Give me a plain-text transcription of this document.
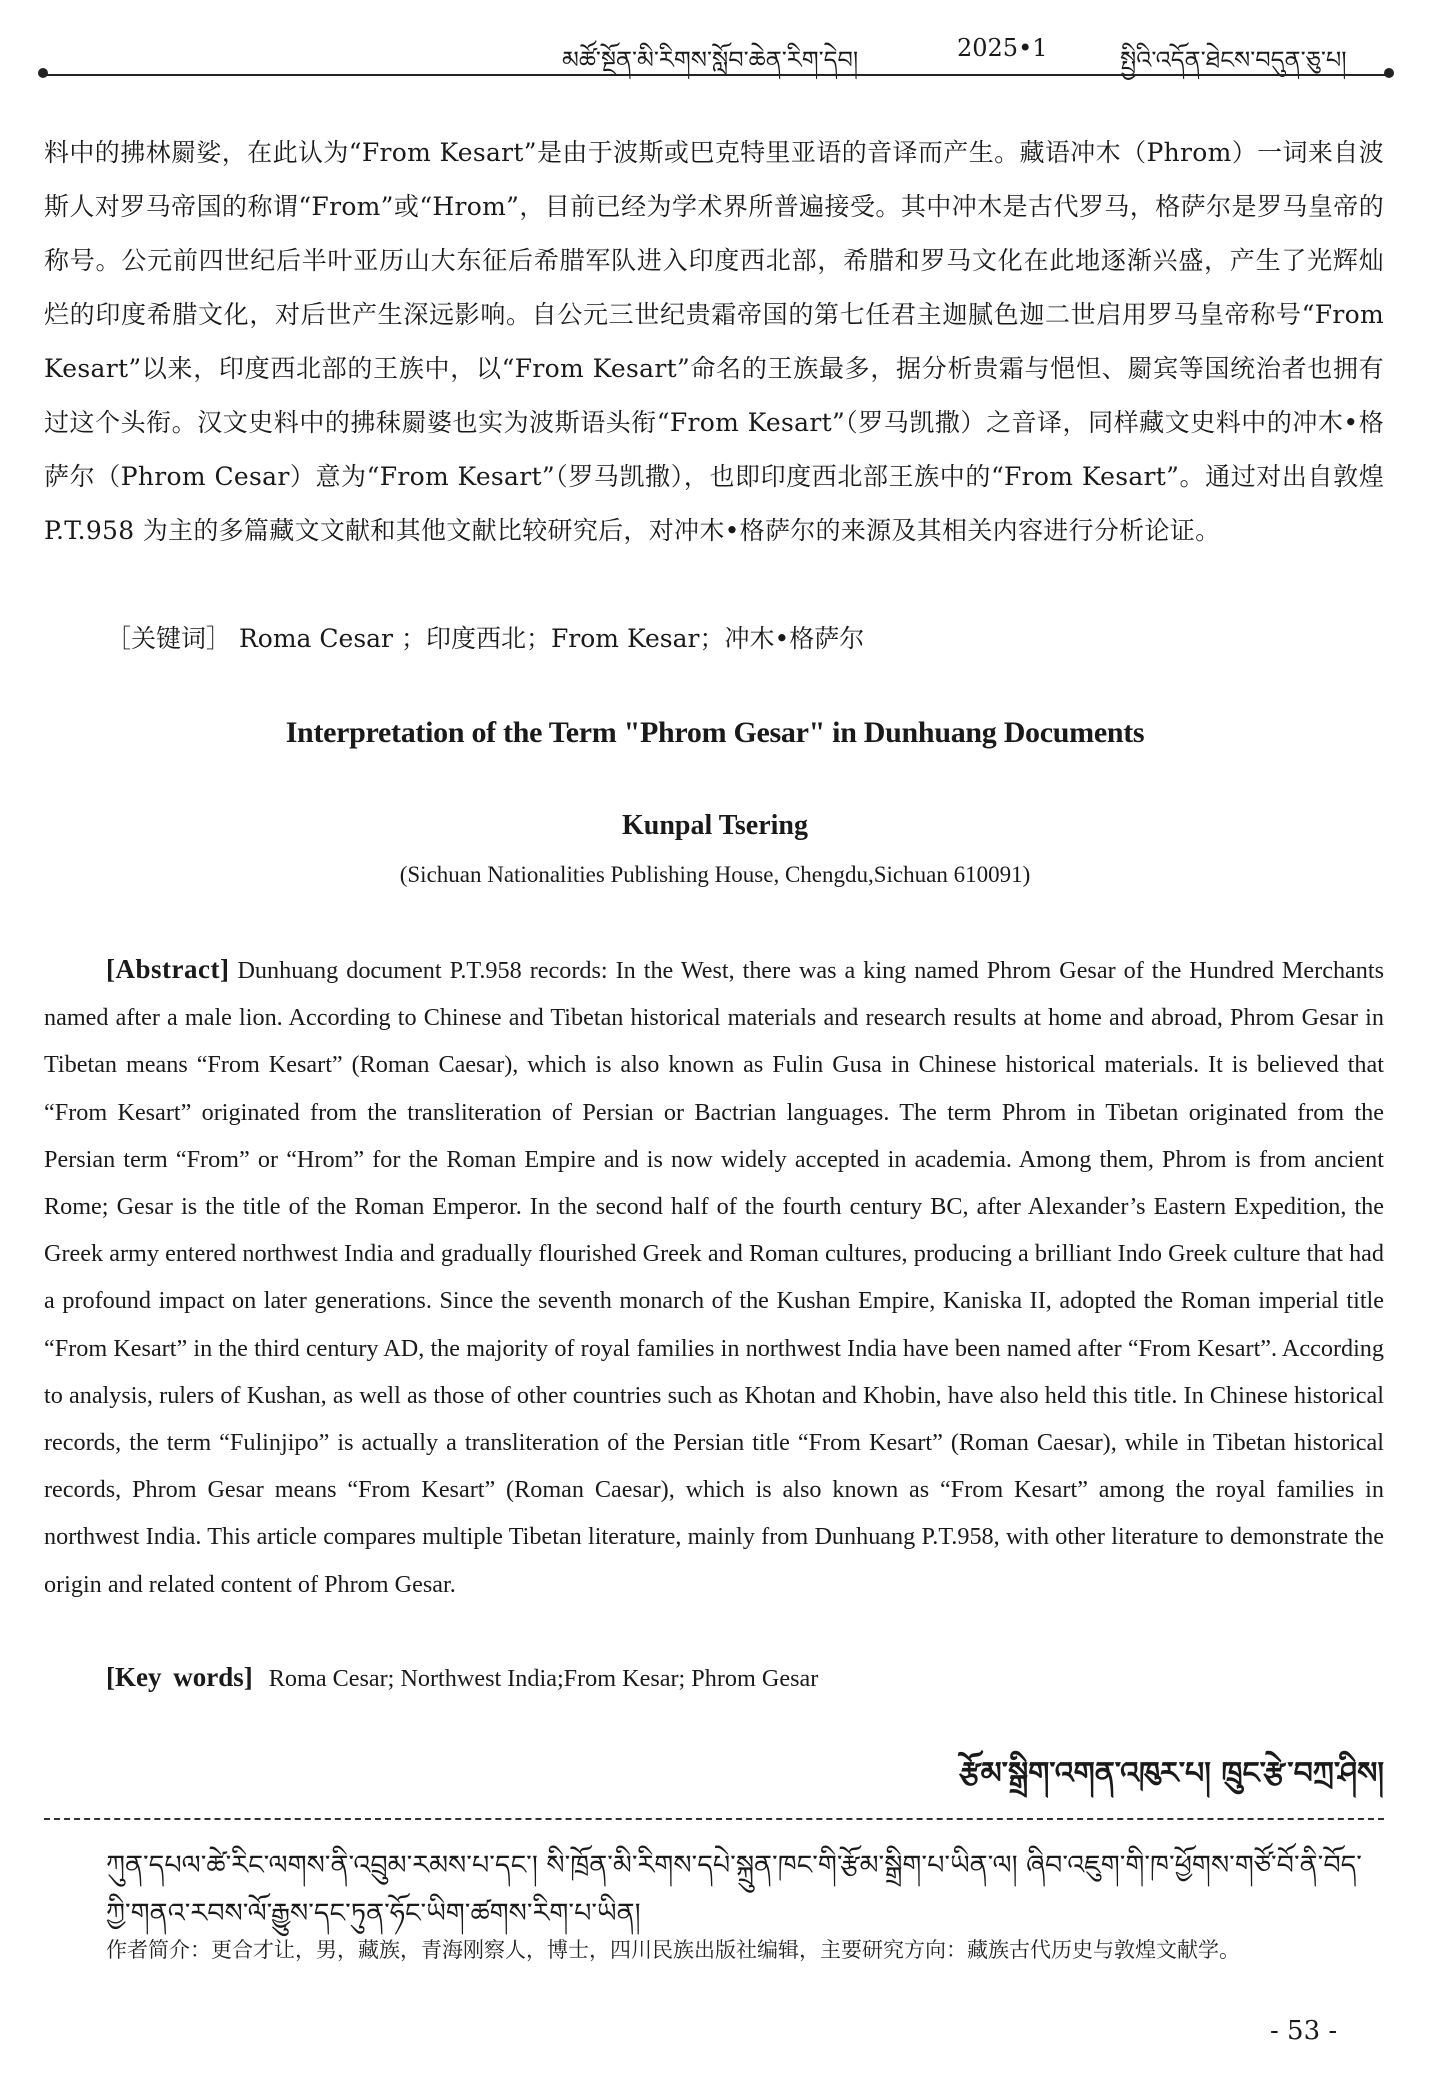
མཚོ་སྔོན་མི་རིགས་སློབ་ཆེན་རིག་དེབ།	2025•1	སྤྱིའི་འདོན་ཐེངས་བདུན་ཅུ་པ།
料中的拂林罽娑，在此认为“From Kesart”是由于波斯或巴克特里亚语的音译而产生。藏语冲木（Phrom）一词来自波斯人对罗马帝国的称谓“From”或“Hrom”，目前已经为学术界所普遍接受。其中冲木是古代罗马，格萨尔是罗马皇帝的称号。公元前四世纪后半叶亚历山大东征后希腊军队进入印度西北部，希腊和罗马文化在此地逐渐兴盛，产生了光辉灿烂的印度希腊文化，对后世产生深远影响。自公元三世纪贵霜帝国的第七任君主迦腻色迦二世启用罗马皇帝称号“From Kesart”以来，印度西北部的王族中，以“From Kesart”命名的王族最多，据分析贵霜与悒怛、罽宾等国统治者也拥有过这个头衔。汉文史料中的拂秣罽婆也实为波斯语头衔“From Kesart”（罗马凯撒）之音译，同样藏文史料中的冲木•格萨尔（Phrom Cesar）意为“From Kesart”（罗马凯撒），也即印度西北部王族中的“From Kesart”。通过对出自敦煌 P.T.958 为主的多篇藏文文献和其他文献比较研究后，对冲木•格萨尔的来源及其相关内容进行分析论证。
［关键词］ Roma Cesar ；印度西北；From Kesar；冲木•格萨尔
Interpretation of the Term "Phrom Gesar" in Dunhuang Documents
Kunpal Tsering
(Sichuan Nationalities Publishing House, Chengdu,Sichuan 610091)
[Abstract] Dunhuang document P.T.958 records: In the West, there was a king named Phrom Gesar of the Hundred Merchants named after a male lion. According to Chinese and Tibetan historical materials and research results at home and abroad, Phrom Gesar in Tibetan means “From Kesart” (Roman Caesar), which is also known as Fulin Gusa in Chinese historical materials. It is believed that “From Kesart” originated from the transliteration of Persian or Bactrian languages. The term Phrom in Tibetan originated from the Persian term “From” or “Hrom” for the Roman Empire and is now widely accepted in academia. Among them, Phrom is from ancient Rome; Gesar is the title of the Roman Emperor. In the second half of the fourth century BC, after Alexander’s Eastern Expedition, the Greek army entered northwest India and gradually flourished Greek and Roman cultures, producing a brilliant Indo Greek culture that had a profound impact on later generations. Since the seventh monarch of the Kushan Empire, Kaniska II, adopted the Roman imperial title “From Kesart” in the third century AD, the majority of royal families in northwest India have been named after “From Kesart”. According to analysis, rulers of Kushan, as well as those of other countries such as Khotan and Khobin, have also held this title. In Chinese historical records, the term “Fulinjipo” is actually a transliteration of the Persian title “From Kesart” (Roman Caesar), while in Tibetan historical records, Phrom Gesar means “From Kesart” (Roman Caesar), which is also known as “From Kesart” among the royal families in northwest India. This article compares multiple Tibetan literature, mainly from Dunhuang P.T.958, with other literature to demonstrate the origin and related content of Phrom Gesar.
[Key words] Roma Cesar; Northwest India;From Kesar; Phrom Gesar
རྩོམ་སྒྲིག་འགན་འཁུར་པ། ཁྲུང་རྩེ་བཀྲ་ཤིས།
ཀུན་དཔལ་ཚེ་རིང་ལགས་ནི་འབྲུམ་རམས་པ་དང་། སི་ཁྲོན་མི་རིགས་དཔེ་སྐྲུན་ཁང་གི་རྩོམ་སྒྲིག་པ་ཡིན་ལ། ཞིབ་འཇུག་གི་ཁ་ཕྱོགས་གཙོ་བོ་ནི་བོད་ཀྱི་གནའ་རབས་ལོ་རྒྱུས་དང་ཏུན་ཧོང་ཡིག་ཚགས་རིག་པ་ཡིན།
作者简介：更合才让，男，藏族，青海刚察人，博士，四川民族出版社编辑，主要研究方向：藏族古代历史与敦煌文献学。
- 53 -
